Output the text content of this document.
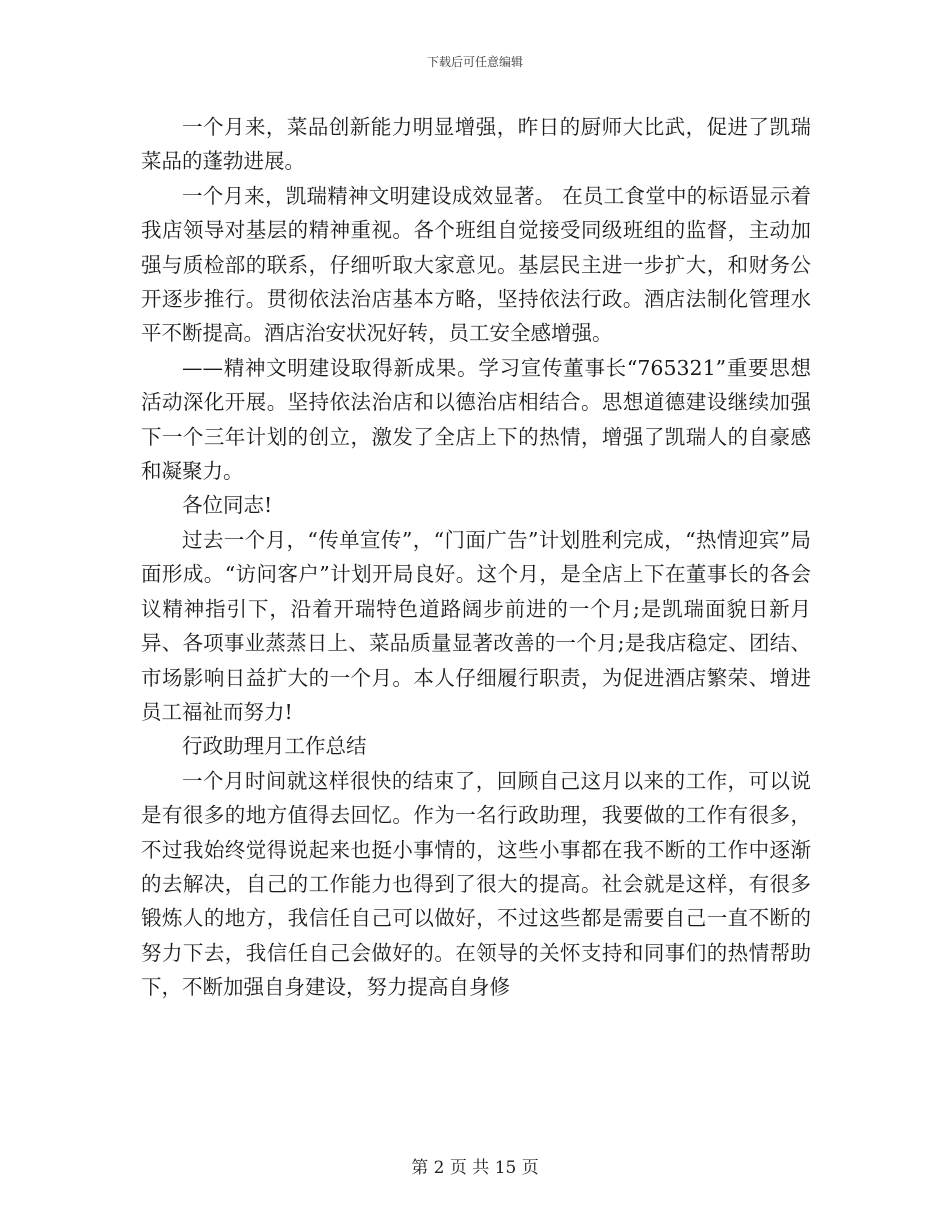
下载后可任意编辑

一个月来，菜品创新能力明显增强，昨日的厨师大比武，促进了凯瑞菜品的蓬勃进展。

一个月来，凯瑞精神文明建设成效显著。 在员工食堂中的标语显示着我店领导对基层的精神重视。各个班组自觉接受同级班组的监督，主动加强与质检部的联系，仔细听取大家意见。基层民主进一步扩大，和财务公开逐步推行。贯彻依法治店基本方略，坚持依法行政。酒店法制化管理水平不断提高。酒店治安状况好转，员工安全感增强。

——精神文明建设取得新成果。学习宣传董事长“765321”重要思想活动深化开展。坚持依法治店和以德治店相结合。思想道德建设继续加强下一个三年计划的创立，激发了全店上下的热情，增强了凯瑞人的自豪感和凝聚力。

各位同志!

过去一个月，“传单宣传”，“门面广告”计划胜利完成，“热情迎宾”局面形成。“访问客户”计划开局良好。这个月，是全店上下在董事长的各会议精神指引下，沿着开瑞特色道路阔步前进的一个月;是凯瑞面貌日新月异、各项事业蒸蒸日上、菜品质量显著改善的一个月;是我店稳定、团结、市场影响日益扩大的一个月。本人仔细履行职责，为促进酒店繁荣、增进员工福祉而努力!

行政助理月工作总结

一个月时间就这样很快的结束了，回顾自己这月以来的工作，可以说是有很多的地方值得去回忆。作为一名行政助理，我要做的工作有很多，不过我始终觉得说起来也挺小事情的，这些小事都在我不断的工作中逐渐的去解决，自己的工作能力也得到了很大的提高。社会就是这样，有很多锻炼人的地方，我信任自己可以做好，不过这些都是需要自己一直不断的努力下去，我信任自己会做好的。在领导的关怀支持和同事们的热情帮助下，不断加强自身建设，努力提高自身修

第 2 页 共 15 页
